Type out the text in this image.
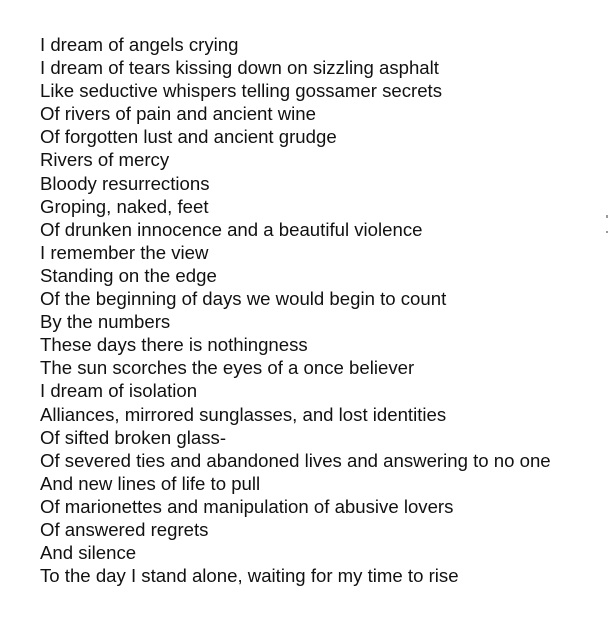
I dream of angels crying
I dream of tears kissing down on sizzling asphalt
Like seductive whispers telling gossamer secrets
Of rivers of pain and ancient wine
Of forgotten lust and ancient grudge
Rivers of mercy
Bloody resurrections
Groping, naked, feet
Of drunken innocence and a beautiful violence
I remember the view
Standing on the edge
Of the beginning of days we would begin to count
By the numbers
These days there is nothingness
The sun scorches the eyes of a once believer
I dream of isolation
Alliances, mirrored sunglasses, and lost identities
Of sifted broken glass-
Of severed ties and abandoned lives and answering to no one
And new lines of life to pull
Of marionettes and manipulation of abusive lovers
Of answered regrets
And silence
To the day I stand alone, waiting for my time to rise
